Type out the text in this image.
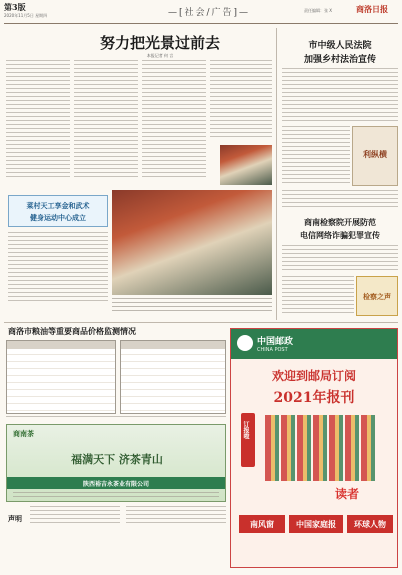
第3版
2020年11月5日 星期四	—[社会/广告]—	责任编辑：张 X	商洛日报
努力把光景过前去
本报记者 何 言
菜村天工享金和武术
健身运动中心成立
市中级人民法院
加强乡村法治宣传
利纵横
商南检察院开展防范
电信网络诈骗犯罪宣传
检察之声
商洛市粮油等重要商品价格监测情况
商南茶
福满天下 济茶青山
陕西裕吉永茶业有限公司
声明
中国邮政
CHINA POST
欢迎到邮局订阅
2021年报刊
订报啦
读者
南风窗	中国家庭报	环球人物
